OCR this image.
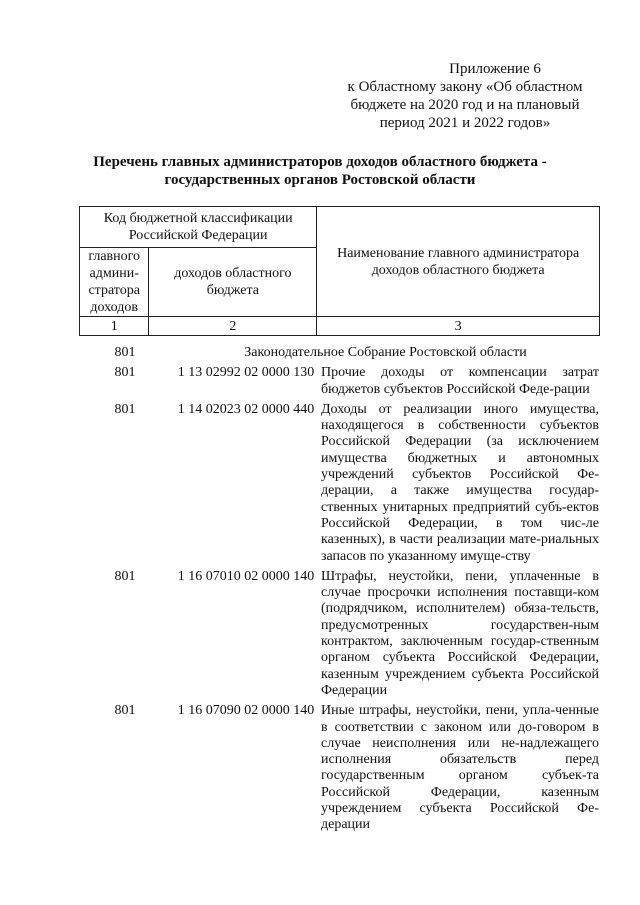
Приложение 6
к Областному закону «Об областном
бюджете на 2020 год и на плановый
период 2021 и 2022 годов»
Перечень главных администраторов доходов областного бюджета -
государственных органов Ростовской области
Код бюджетной классификации Российской Федерации		Наименование главного администратора доходов областного бюджета
главного админи-стратора доходов	доходов областного бюджета	
1	2	3
801	Законодательное Собрание Ростовской области
801	1 13 02992 02 0000 130 Прочие доходы от компенсации затрат бюджетов субъектов Российской Феде-рации
801	1 14 02023 02 0000 440 Доходы от реализации иного имущества, находящегося в собственности субъектов Российской Федерации (за исключением имущества бюджетных и автономных учреждений субъектов Российской Фе-дерации, а также имущества государ-ственных унитарных предприятий субъ-ектов Российской Федерации, в том чис-ле казенных), в части реализации мате-риальных запасов по указанному имуще-ству
801	1 16 07010 02 0000 140 Штрафы, неустойки, пени, уплаченные в случае просрочки исполнения поставщи-ком (подрядчиком, исполнителем) обяза-тельств, предусмотренных государствен-ным контрактом, заключенным государ-ственным органом субъекта Российской Федерации, казенным учреждением субъекта Российской Федерации
801	1 16 07090 02 0000 140 Иные штрафы, неустойки, пени, упла-ченные в соответствии с законом или до-говором в случае неисполнения или не-надлежащего исполнения обязательств перед государственным органом субъек-та Российской Федерации, казенным учреждением субъекта Российской Фе-дерации
